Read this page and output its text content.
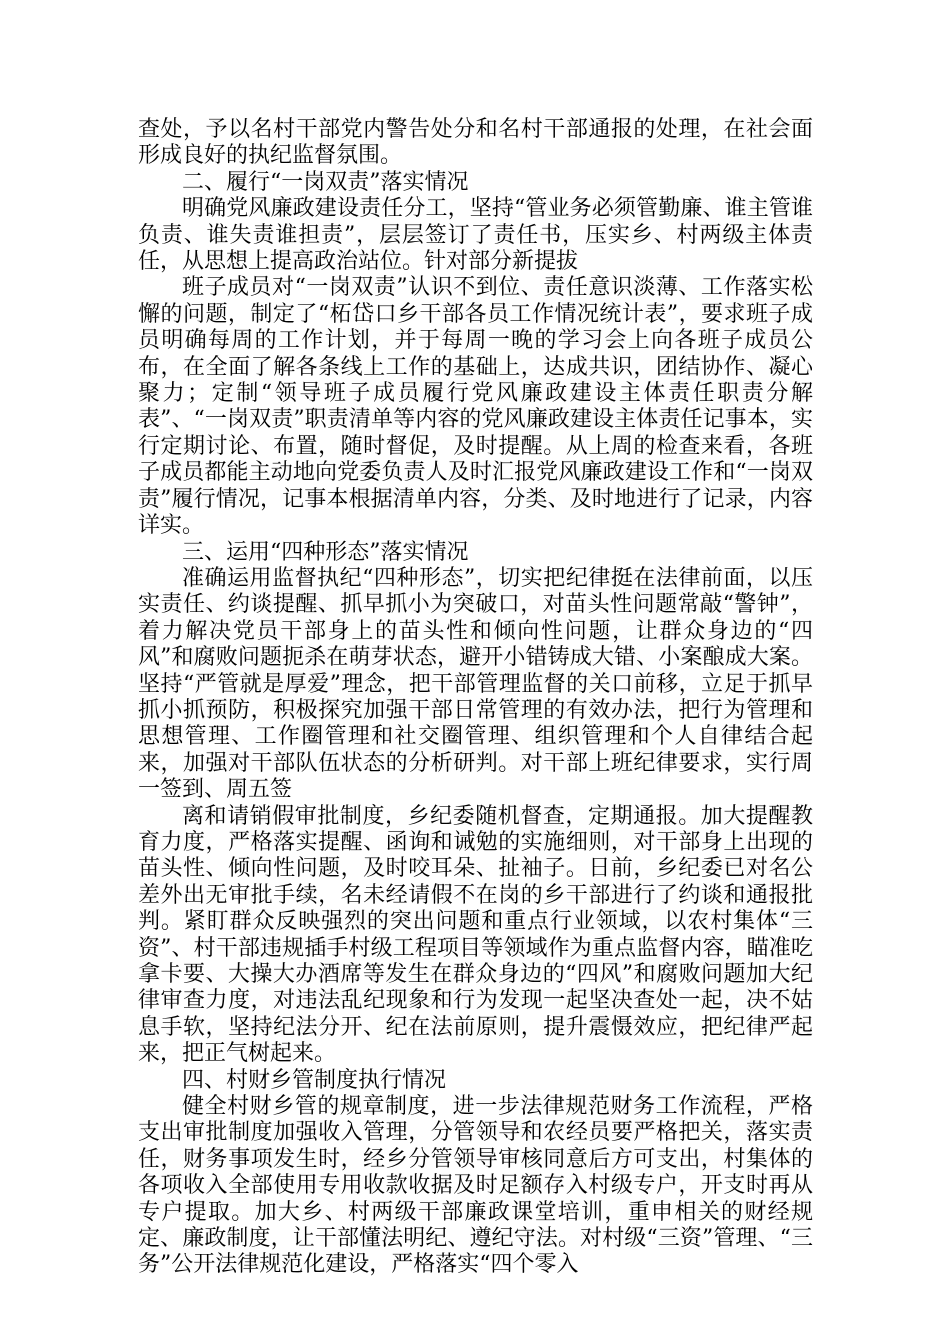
查处，予以名村干部党内警告处分和名村干部通报的处理，在社会面形成良好的执纪监督氛围。

二、履行“一岗双责”落实情况

明确党风廉政建设责任分工，坚持“管业务必须管勤廉、谁主管谁负责、谁失责谁担责”，层层签订了责任书，压实乡、村两级主体责任，从思想上提高政治站位。针对部分新提拔

班子成员对“一岗双责”认识不到位、责任意识淡薄、工作落实松懈的问题，制定了“柘岱口乡干部各员工作情况统计表”，要求班子成员明确每周的工作计划，并于每周一晚的学习会上向各班子成员公布，在全面了解各条线上工作的基础上，达成共识，团结协作、凝心聚力；定制“领导班子成员履行党风廉政建设主体责任职责分解表”、“一岗双责”职责清单等内容的党风廉政建设主体责任记事本，实行定期讨论、布置，随时督促，及时提醒。从上周的检查来看，各班子成员都能主动地向党委负责人及时汇报党风廉政建设工作和“一岗双责”履行情况，记事本根据清单内容，分类、及时地进行了记录，内容详实。

三、运用“四种形态”落实情况

准确运用监督执纪“四种形态”，切实把纪律挺在法律前面，以压实责任、约谈提醒、抓早抓小为突破口，对苗头性问题常敲“警钟”，着力解决党员干部身上的苗头性和倾向性问题，让群众身边的“四风”和腐败问题扼杀在萌芽状态，避开小错铸成大错、小案酿成大案。坚持“严管就是厚爱”理念，把干部管理监督的关口前移，立足于抓早抓小抓预防，积极探究加强干部日常管理的有效办法，把行为管理和思想管理、工作圈管理和社交圈管理、组织管理和个人自律结合起来，加强对干部队伍状态的分析研判。对干部上班纪律要求，实行周一签到、周五签

离和请销假审批制度，乡纪委随机督查，定期通报。加大提醒教育力度，严格落实提醒、函询和诫勉的实施细则，对干部身上出现的苗头性、倾向性问题，及时咬耳朵、扯袖子。日前，乡纪委已对名公差外出无审批手续，名未经请假不在岗的乡干部进行了约谈和通报批判。紧盯群众反映强烈的突出问题和重点行业领域，以农村集体“三资”、村干部违规插手村级工程项目等领域作为重点监督内容，瞄准吃拿卡要、大操大办酒席等发生在群众身边的“四风”和腐败问题加大纪律审查力度，对违法乱纪现象和行为发现一起坚决查处一起，决不姑息手软，坚持纪法分开、纪在法前原则，提升震慑效应，把纪律严起来，把正气树起来。

四、村财乡管制度执行情况

健全村财乡管的规章制度，进一步法律规范财务工作流程，严格支出审批制度加强收入管理，分管领导和农经员要严格把关，落实责任，财务事项发生时，经乡分管领导审核同意后方可支出，村集体的各项收入全部使用专用收款收据及时足额存入村级专户，开支时再从专户提取。加大乡、村两级干部廉政课堂培训，重申相关的财经规定、廉政制度，让干部懂法明纪、遵纪守法。对村级“三资”管理、“三务”公开法律规范化建设，严格落实“四个零入
